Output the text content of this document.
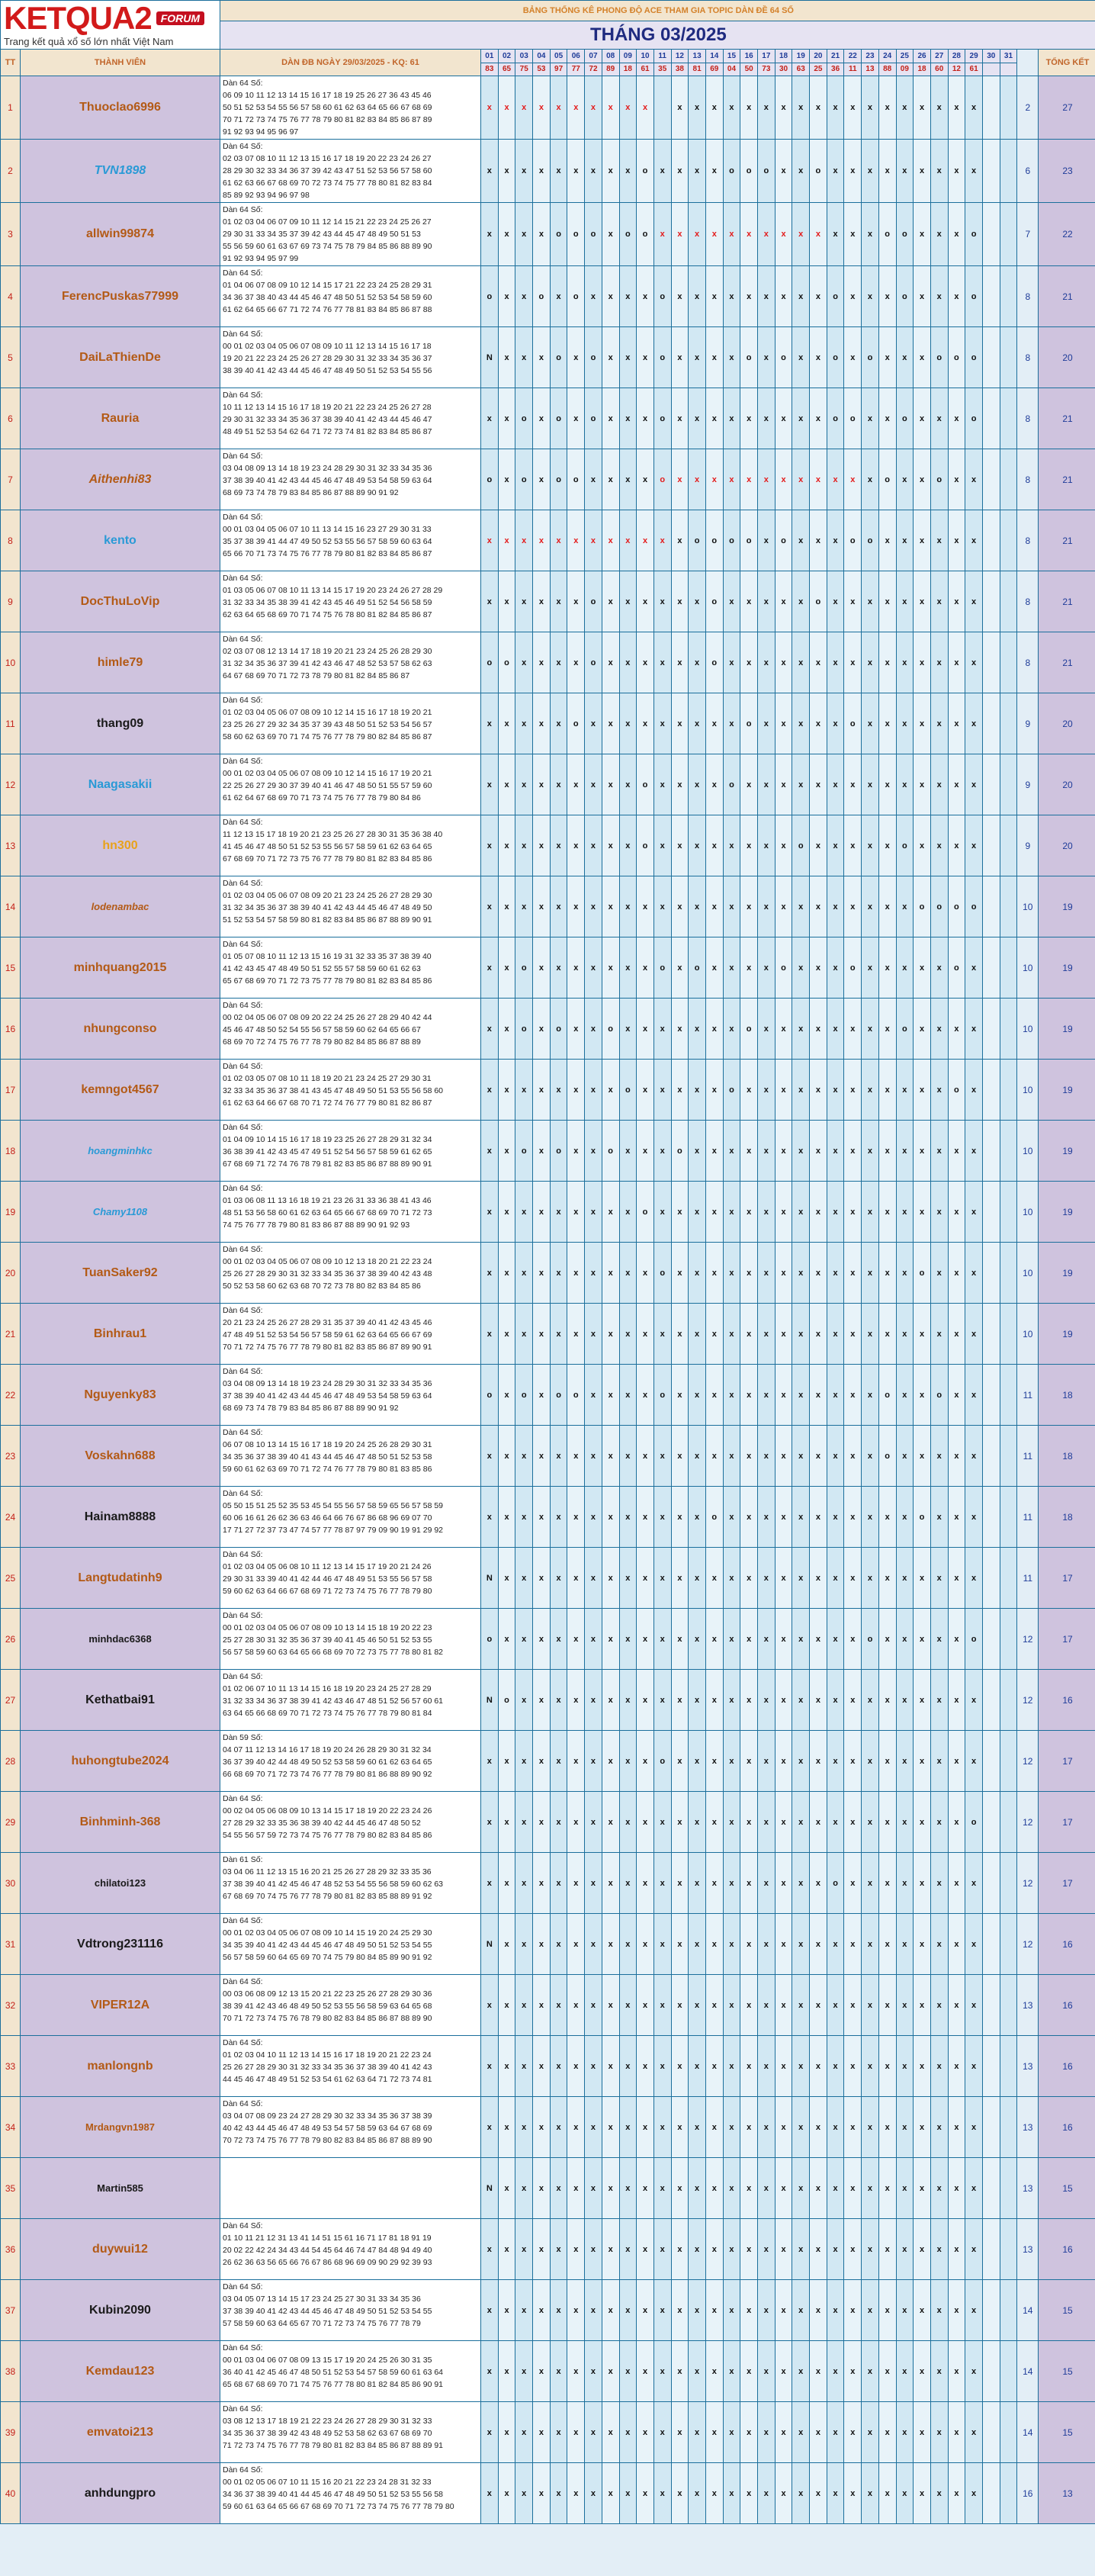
KETQUA2 FORUM
Trang kết quả xổ số lớn nhất Việt Nam		BẢNG THỐNG KÊ PHONG ĐỘ ACE THAM GIA TOPIC DÀN ĐỀ 64 SỐ																																	
		THÁNG 03/2025																																	
TT	THÀNH VIÊN	DÀN ĐB NGÀY 29/03/2025 - KQ: 61	01	02	03	04	05	06	07	08	09	10	11	12	13	14	15	16	17	18	19	20	21	22	23	24	25	26	27	28	29	30	31		TỔNG KẾT
			83	65	75	53	97	77	72	89	18	61	35	38	81	69	04	50	73	30	63	25	36	11	13	88	09	18	60	12	61				
1	Thuoclao6996	Dàn 64 Số:
06 09 10 11 12 13 14 15 16 17 18 19 25 26 27 36 43 45 46
50 51 52 53 54 55 56 57 58 60 61 62 63 64 65 66 67 68 69
70 71 72 73 74 75 76 77 78 79 80 81 82 83 84 85 86 87 89
91 92 93 94 95 96 97	x	x	x	x	x	x	x	x	x	x		x	x	x	x	x	x	x	x	x	x	x	x	x	x	x	x	x	x			2	27
2	TVN1898	Dàn 64 Số:
02 03 07 08 10 11 12 13 15 16 17 18 19 20 22 23 24 26 27
28 29 30 32 33 34 36 37 39 42 43 47 51 52 53 56 57 58 60
61 62 63 66 67 68 69 70 72 73 74 75 77 78 80 81 82 83 84
85 89 92 93 94 96 97 98	x	x	x	x	x	x	x	x	x	o	x	x	x	x	o	o	o	x	x	o	x	x	x	x	x	x	x	x	x			6	23
3	allwin99874	Dàn 64 Số:
01 02 03 04 06 07 09 10 11 12 14 15 21 22 23 24 25 26 27
29 30 31 33 34 35 37 39 42 43 44 45 47 48 49 50 51 53
55 56 59 60 61 63 67 69 73 74 75 78 79 84 85 86 88 89 90
91 92 93 94 95 97 99	x	x	x	x	o	o	o	x	o	o	x	x	x	x	x	x	x	x	x	x	x	x	x	o	o	x	x	x	o			7	22
4	FerencPuskas77999	Dàn 64 Số:
01 04 06 07 08 09 10 12 14 15 17 21 22 23 24 25 28 29 31
34 36 37 38 40 43 44 45 46 47 48 50 51 52 53 54 58 59 60
61 62 64 65 66 67 71 72 74 76 77 78 81 83 84 85 86 87 88	o	x	x	o	x	o	x	x	x	x	o	x	x	x	x	x	x	x	x	x	o	x	x	x	o	x	x	x	o			8	21
5	DaiLaThienDe	Dàn 64 Số:
00 01 02 03 04 05 06 07 08 09 10 11 12 13 14 15 16 17 18
19 20 21 22 23 24 25 26 27 28 29 30 31 32 33 34 35 36 37
38 39 40 41 42 43 44 45 46 47 48 49 50 51 52 53 54 55 56	N	x	x	x	o	x	o	x	x	x	o	x	x	x	x	o	x	o	x	x	o	x	o	x	x	x	o	o	o			8	20
6	Rauria	Dàn 64 Số:
10 11 12 13 14 15 16 17 18 19 20 21 22 23 24 25 26 27 28
29 30 31 32 33 34 35 36 37 38 39 40 41 42 43 44 45 46 47
48 49 51 52 53 54 62 64 71 72 73 74 81 82 83 84 85 86 87	x	x	o	x	o	x	o	x	x	x	o	x	x	x	x	x	x	x	x	x	o	o	x	x	o	x	x	x	o			8	21
7	Aithenhi83	Dàn 64 Số:
03 04 08 09 13 14 18 19 23 24 28 29 30 31 32 33 34 35 36
37 38 39 40 41 42 43 44 45 46 47 48 49 53 54 58 59 63 64
68 69 73 74 78 79 83 84 85 86 87 88 89 90 91 92	o	x	o	x	o	o	x	x	x	x	o	x	x	x	x	x	x	x	x	x	x	x	x	o	x	x	o	x	x			8	21
8	kento	Dàn 64 Số:
00 01 03 04 05 06 07 10 11 13 14 15 16 23 27 29 30 31 33
35 37 38 39 41 44 47 49 50 52 53 55 56 57 58 59 60 63 64
65 66 70 71 73 74 75 76 77 78 79 80 81 82 83 84 85 86 87	x	x	x	x	x	x	x	x	x	x	x	x	o	o	o	o	x	o	x	x	x	o	o	x	x	x	x	x	x			8	21
9	DocThuLoVip	Dàn 64 Số:
01 03 05 06 07 08 10 11 13 14 15 17 19 20 23 24 26 27 28 29
31 32 33 34 35 38 39 41 42 43 45 46 49 51 52 54 56 58 59
62 63 64 65 68 69 70 71 74 75 76 78 80 81 82 84 85 86 87	x	x	x	x	x	x	o	x	x	x	x	x	x	o	x	x	x	x	x	o	x	x	x	x	x	x	x	x	x			8	21
10	himle79	Dàn 64 Số:
02 03 07 08 12 13 14 17 18 19 20 21 23 24 25 26 28 29 30
31 32 34 35 36 37 39 41 42 43 46 47 48 52 53 57 58 62 63
64 67 68 69 70 71 72 73 78 79 80 81 82 84 85 86 87	o	o	x	x	x	x	o	x	x	x	x	x	x	o	x	x	x	x	x	x	x	x	x	x	x	x	x	x	x			8	21
11	thang09	Dàn 64 Số:
01 02 03 04 05 06 07 08 09 10 12 14 15 16 17 18 19 20 21
23 25 26 27 29 32 34 35 37 39 43 48 50 51 52 53 54 56 57
58 60 62 63 69 70 71 74 75 76 77 78 79 80 82 84 85 86 87	x	x	x	x	x	o	x	x	x	x	x	x	x	x	x	o	x	x	x	x	x	o	x	x	x	x	x	x	x			9	20
12	Naagasakii	Dàn 64 Số:
00 01 02 03 04 05 06 07 08 09 10 12 14 15 16 17 19 20 21
22 25 26 27 29 30 37 39 40 41 46 47 48 50 51 55 57 59 60
61 62 64 67 68 69 70 71 73 74 75 76 77 78 79 80 84 86	x	x	x	x	x	x	x	x	x	o	x	x	x	x	o	x	x	x	x	x	x	x	x	x	x	x	x	x	x			9	20
13	hn300	Dàn 64 Số:
11 12 13 15 17 18 19 20 21 23 25 26 27 28 30 31 35 36 38 40
41 45 46 47 48 50 51 52 53 55 56 57 58 59 61 62 63 64 65
67 68 69 70 71 72 73 75 76 77 78 79 80 81 82 83 84 85 86	x	x	x	x	x	x	x	x	x	o	x	x	x	x	x	x	x	x	o	x	x	x	x	x	o	x	x	x	x			9	20
14	lodenambac	Dàn 64 Số:
01 02 03 04 05 06 07 08 09 20 21 23 24 25 26 27 28 29 30
31 32 34 35 36 37 38 39 40 41 42 43 44 45 46 47 48 49 50
51 52 53 54 57 58 59 80 81 82 83 84 85 86 87 88 89 90 91	x	x	x	x	x	x	x	x	x	x	x	x	x	x	x	x	x	x	x	x	x	x	x	x	x	o	o	o	o			10	19
15	minhquang2015	Dàn 64 Số:
01 05 07 08 10 11 12 13 15 16 19 31 32 33 35 37 38 39 40
41 42 43 45 47 48 49 50 51 52 55 57 58 59 60 61 62 63
65 67 68 69 70 71 72 73 75 77 78 79 80 81 82 83 84 85 86	x	x	o	x	x	x	x	x	x	x	o	x	o	x	x	x	x	o	x	x	x	o	x	x	x	x	x	o	x			10	19
16	nhungconso	Dàn 64 Số:
00 02 04 05 06 07 08 09 20 22 24 25 26 27 28 29 40 42 44
45 46 47 48 50 52 54 55 56 57 58 59 60 62 64 65 66 67
68 69 70 72 74 75 76 77 78 79 80 82 84 85 86 87 88 89	x	x	o	x	o	x	x	o	x	x	x	x	x	x	x	o	x	x	x	x	x	x	x	x	o	x	x	x	x			10	19
17	kemngot4567	Dàn 64 Số:
01 02 03 05 07 08 10 11 18 19 20 21 23 24 25 27 29 30 31
32 33 34 35 36 37 38 41 43 45 47 48 49 50 51 53 55 56 58 60
61 62 63 64 66 67 68 70 71 72 74 76 77 79 80 81 82 86 87	x	x	x	x	x	x	x	x	o	x	x	x	x	x	o	x	x	x	x	x	x	x	x	x	x	x	x	o	x			10	19
18	hoangminhkc	Dàn 64 Số:
01 04 09 10 14 15 16 17 18 19 23 25 26 27 28 29 31 32 34
36 38 39 41 42 43 45 47 49 51 52 54 56 57 58 59 61 62 65
67 68 69 71 72 74 76 78 79 81 82 83 85 86 87 88 89 90 91	x	x	o	x	o	x	x	o	x	x	x	o	x	x	x	x	x	x	x	x	x	x	x	x	x	x	x	x	x			10	19
19	Chamy1108	Dàn 64 Số:
01 03 06 08 11 13 16 18 19 21 23 26 31 33 36 38 41 43 46
48 51 53 56 58 60 61 62 63 64 65 66 67 68 69 70 71 72 73
74 75 76 77 78 79 80 81 83 86 87 88 89 90 91 92 93	x	x	x	x	x	x	x	x	x	o	x	x	x	x	x	x	x	x	x	x	x	x	x	x	x	x	x	x	x			10	19
20	TuanSaker92	Dàn 64 Số:
00 01 02 03 04 05 06 07 08 09 10 12 13 18 20 21 22 23 24
25 26 27 28 29 30 31 32 33 34 35 36 37 38 39 40 42 43 48
50 52 53 58 60 62 63 68 70 72 73 78 80 82 83 84 85 86	x	x	x	x	x	x	x	x	x	x	o	x	x	x	x	x	x	x	x	x	x	x	x	x	x	o	x	x	x			10	19
21	Binhrau1	Dàn 64 Số:
20 21 23 24 25 26 27 28 29 31 35 37 39 40 41 42 43 45 46
47 48 49 51 52 53 54 56 57 58 59 61 62 63 64 65 66 67 69
70 71 72 74 75 76 77 78 79 80 81 82 83 85 86 87 89 90 91	x	x	x	x	x	x	x	x	x	x	x	x	x	x	x	x	x	x	x	x	x	x	x	x	x	x	x	x	x			10	19
22	Nguyenky83	Dàn 64 Số:
03 04 08 09 13 14 18 19 23 24 28 29 30 31 32 33 34 35 36
37 38 39 40 41 42 43 44 45 46 47 48 49 53 54 58 59 63 64
68 69 73 74 78 79 83 84 85 86 87 88 89 90 91 92	o	x	o	x	o	o	x	x	x	x	o	x	x	x	x	x	x	x	x	x	x	x	x	o	x	x	o	x	x			11	18
23	Voskahn688	Dàn 64 Số:
06 07 08 10 13 14 15 16 17 18 19 20 24 25 26 28 29 30 31
34 35 36 37 38 39 40 41 43 44 45 46 47 48 50 51 52 53 58
59 60 61 62 63 69 70 71 72 74 76 77 78 79 80 81 83 85 86	x	x	x	x	x	x	x	x	x	x	x	x	x	x	x	x	x	x	x	x	x	x	x	o	x	x	x	x	x			11	18
24	Hainam8888	Dàn 64 Số:
05 50 15 51 25 52 35 53 45 54 55 56 57 58 59 65 56 57 58 59
60 06 16 61 26 62 36 63 46 64 66 76 67 86 68 96 69 07 70
17 71 27 72 37 73 47 74 57 77 78 87 97 79 09 90 19 91 29 92	x	x	x	x	x	x	x	x	x	x	x	x	x	o	x	x	x	x	x	x	x	x	x	x	x	o	x	x	x			11	18
25	Langtudatinh9	Dàn 64 Số:
01 02 03 04 05 06 08 10 11 12 13 14 15 17 19 20 21 24 26
29 30 31 33 39 40 41 42 44 46 47 48 49 51 53 55 56 57 58
59 60 62 63 64 66 67 68 69 71 72 73 74 75 76 77 78 79 80	N	x	x	x	x	x	x	x	x	x	x	x	x	x	x	x	x	x	x	x	x	x	x	x	x	x	x	x	x			11	17
26	minhdac6368	Dàn 64 Số:
00 01 02 03 04 05 06 07 08 09 10 13 14 15 18 19 20 22 23
25 27 28 30 31 32 35 36 37 39 40 41 45 46 50 51 52 53 55
56 57 58 59 60 63 64 65 66 68 69 70 72 73 75 77 78 80 81 82	o	x	x	x	x	x	x	x	x	x	x	x	x	x	x	x	x	x	x	x	x	x	o	x	x	x	x	x	o			12	17
27	Kethatbai91	Dàn 64 Số:
01 02 06 07 10 11 13 14 15 16 18 19 20 23 24 25 27 28 29
31 32 33 34 36 37 38 39 41 42 43 46 47 48 51 52 56 57 60 61
63 64 65 66 68 69 70 71 72 73 74 75 76 77 78 79 80 81 84	N	o	x	x	x	x	x	x	x	x	x	x	x	x	x	x	x	x	x	x	x	x	x	x	x	x	x	x	x			12	16
28	huhongtube2024	Dàn 59 Số:
04 07 11 12 13 14 16 17 18 19 20 24 26 28 29 30 31 32 34
36 37 39 40 42 44 48 49 50 52 53 58 59 60 61 62 63 64 65
66 68 69 70 71 72 73 74 76 77 78 79 80 81 86 88 89 90 92	x	x	x	x	x	x	x	x	x	x	o	x	x	x	x	x	x	x	x	x	x	x	x	x	x	x	x	x	x			12	17
29	Binhminh-368	Dàn 64 Số:
00 02 04 05 06 08 09 10 13 14 15 17 18 19 20 22 23 24 26
27 28 29 32 33 35 36 38 39 40 42 44 45 46 47 48 50 52
54 55 56 57 59 72 73 74 75 76 77 78 79 80 82 83 84 85 86	x	x	x	x	x	x	x	x	x	x	x	x	x	x	x	x	x	x	x	x	x	x	x	x	x	x	x	x	o			12	17
30	chilatoi123	Dàn 61 Số:
03 04 06 11 12 13 15 16 20 21 25 26 27 28 29 32 33 35 36
37 38 39 40 41 42 45 46 47 48 52 53 54 55 56 58 59 60 62 63
67 68 69 70 74 75 76 77 78 79 80 81 82 83 85 88 89 91 92	x	x	x	x	x	x	x	x	x	x	x	x	x	x	x	x	x	x	x	x	o	x	x	x	x	x	x	x	x			12	17
31	Vdtrong231116	Dàn 64 Số:
00 01 02 03 04 05 06 07 08 09 10 14 15 19 20 24 25 29 30
34 35 39 40 41 42 43 44 45 46 47 48 49 50 51 52 53 54 55
56 57 58 59 60 64 65 69 70 74 75 79 80 84 85 89 90 91 92	N	x	x	x	x	x	x	x	x	x	x	x	x	x	x	x	x	x	x	x	x	x	x	x	x	x	x	x	x			12	16
32	VIPER12A	Dàn 64 Số:
00 03 06 08 09 12 13 15 20 21 22 23 25 26 27 28 29 30 36
38 39 41 42 43 46 48 49 50 52 53 55 56 58 59 63 64 65 68
70 71 72 73 74 75 76 78 79 80 82 83 84 85 86 87 88 89 90	x	x	x	x	x	x	x	x	x	x	x	x	x	x	x	x	x	x	x	x	x	x	x	x	x	x	x	x	x			13	16
33	manlongnb	Dàn 64 Số:
01 02 03 04 10 11 12 13 14 15 16 17 18 19 20 21 22 23 24
25 26 27 28 29 30 31 32 33 34 35 36 37 38 39 40 41 42 43
44 45 46 47 48 49 51 52 53 54 61 62 63 64 71 72 73 74 81	x	x	x	x	x	x	x	x	x	x	x	x	x	x	x	x	x	x	x	x	x	x	x	x	x	x	x	x	x			13	16
34	Mrdangvn1987	Dàn 64 Số:
03 04 07 08 09 23 24 27 28 29 30 32 33 34 35 36 37 38 39
40 42 43 44 45 46 47 48 49 53 54 57 58 59 63 64 67 68 69
70 72 73 74 75 76 77 78 79 80 82 83 84 85 86 87 88 89 90	x	x	x	x	x	x	x	x	x	x	x	x	x	x	x	x	x	x	x	x	x	x	x	x	x	x	x	x	x			13	16
35	Martin585		N	x	x	x	x	x	x	x	x	x	x	x	x	x	x	x	x	x	x	x	x	x	x	x	x	x	x	x	x			13	15
36	duywui12	Dàn 64 Số:
01 10 11 21 12 31 13 41 14 51 15 61 16 71 17 81 18 91 19
20 02 22 42 24 34 43 44 54 45 64 46 74 47 84 48 94 49 40
26 62 36 63 56 65 66 76 67 86 68 96 69 09 90 29 92 39 93	x	x	x	x	x	x	x	x	x	x	x	x	x	x	x	x	x	x	x	x	x	x	x	x	x	x	x	x	x			13	16
37	Kubin2090	Dàn 64 Số:
03 04 05 07 13 14 15 17 23 24 25 27 30 31 33 34 35 36
37 38 39 40 41 42 43 44 45 46 47 48 49 50 51 52 53 54 55
57 58 59 60 63 64 65 67 70 71 72 73 74 75 76 77 78 79	x	x	x	x	x	x	x	x	x	x	x	x	x	x	x	x	x	x	x	x	x	x	x	x	x	x	x	x	x			14	15
38	Kemdau123	Dàn 64 Số:
00 01 03 04 06 07 08 09 13 15 17 19 20 24 25 26 30 31 35
36 40 41 42 45 46 47 48 50 51 52 53 54 57 58 59 60 61 63 64
65 68 67 68 69 70 71 74 75 76 77 78 80 81 82 84 85 86 90 91	x	x	x	x	x	x	x	x	x	x	x	x	x	x	x	x	x	x	x	x	x	x	x	x	x	x	x	x	x			14	15
39	emvatoi213	Dàn 64 Số:
03 08 12 13 17 18 19 21 22 23 24 26 27 28 29 30 31 32 33
34 35 36 37 38 39 42 43 48 49 52 53 58 62 63 67 68 69 70
71 72 73 74 75 76 77 78 79 80 81 82 83 84 85 86 87 88 89 91	x	x	x	x	x	x	x	x	x	x	x	x	x	x	x	x	x	x	x	x	x	x	x	x	x	x	x	x	x			14	15
40	anhdungpro	Dàn 64 Số:
00 01 02 05 06 07 10 11 15 16 20 21 22 23 24 28 31 32 33
34 36 37 38 39 40 41 44 45 46 47 48 49 50 51 52 53 55 56 58
59 60 61 63 64 65 66 67 68 69 70 71 72 73 74 75 76 77 78 79 80	x	x	x	x	x	x	x	x	x	x	x	x	x	x	x	x	x	x	x	x	x	x	x	x	x	x	x	x	x			16	13
